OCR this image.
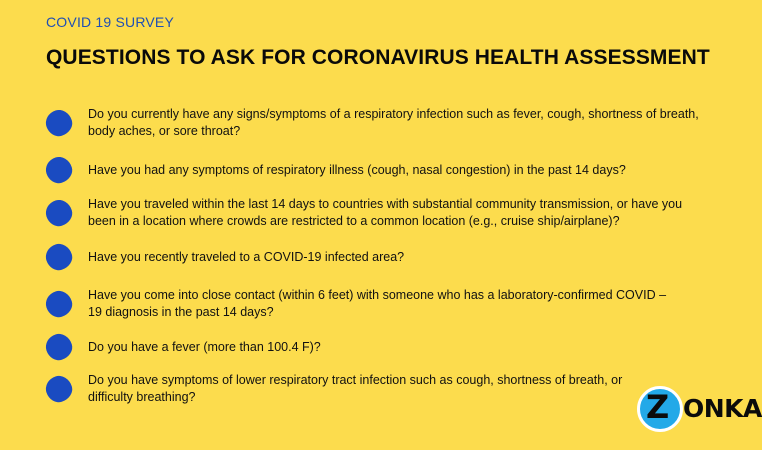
COVID 19 SURVEY
QUESTIONS TO ASK FOR CORONAVIRUS HEALTH ASSESSMENT
Do you currently have any signs/symptoms of a respiratory infection such as fever, cough, shortness of breath, body aches, or sore throat?
Have you had any symptoms of respiratory illness (cough, nasal congestion) in the past 14 days?
Have you traveled within the last 14 days to countries with substantial community transmission, or have you been in a location where crowds are restricted to a common location (e.g., cruise ship/airplane)?
Have you recently traveled to a COVID-19 infected area?
Have you come into close contact (within 6 feet) with someone who has a laboratory-confirmed COVID – 19 diagnosis in the past 14 days?
Do you have a fever (more than 100.4 F)?
Do you have symptoms of lower respiratory tract infection such as cough, shortness of breath, or difficulty breathing?	Z ONKA
